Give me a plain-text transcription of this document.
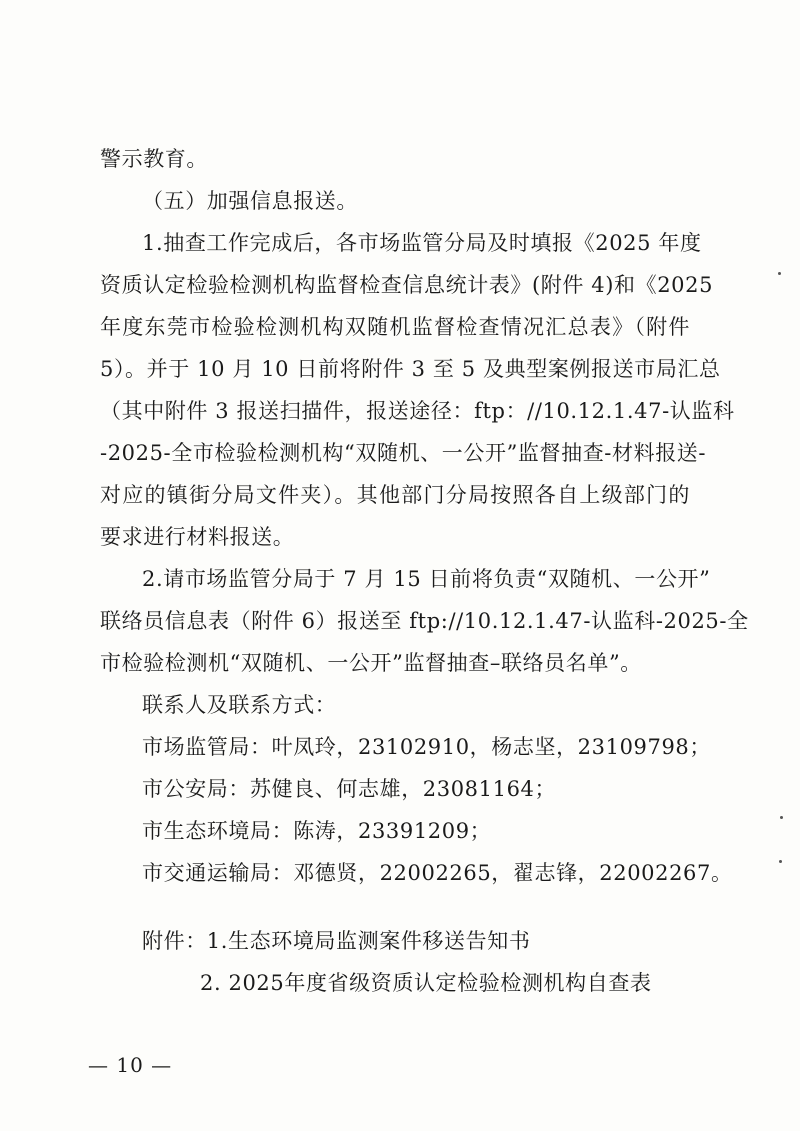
警示教育。
（五）加强信息报送。
1.抽查工作完成后，各市场监管分局及时填报《2025 年度
资质认定检验检测机构监督检查信息统计表》(附件 4)和《2025
年度东莞市检验检测机构双随机监督检查情况汇总表》（附件
5）。并于 10 月 10 日前将附件 3 至 5 及典型案例报送市局汇总
（其中附件 3 报送扫描件，报送途径：ftp：//10.12.1.47-认监科
-2025-全市检验检测机构“双随机、一公开”监督抽查-材料报送-
对应的镇街分局文件夹）。其他部门分局按照各自上级部门的
要求进行材料报送。
2.请市场监管分局于 7 月 15 日前将负责“双随机、一公开”
联络员信息表（附件 6）报送至 ftp://10.12.1.47-认监科-2025-全
市检验检测机“双随机、一公开”监督抽查–联络员名单”。
联系人及联系方式：
市场监管局：叶凤玲，23102910，杨志坚，23109798；
市公安局：苏健良、何志雄，23081164；
市生态环境局：陈涛，23391209；
市交通运输局：邓德贤，22002265，翟志锋，22002267。
附件：1.生态环境局监测案件移送告知书
2. 2025年度省级资质认定检验检测机构自查表
— 10 —
